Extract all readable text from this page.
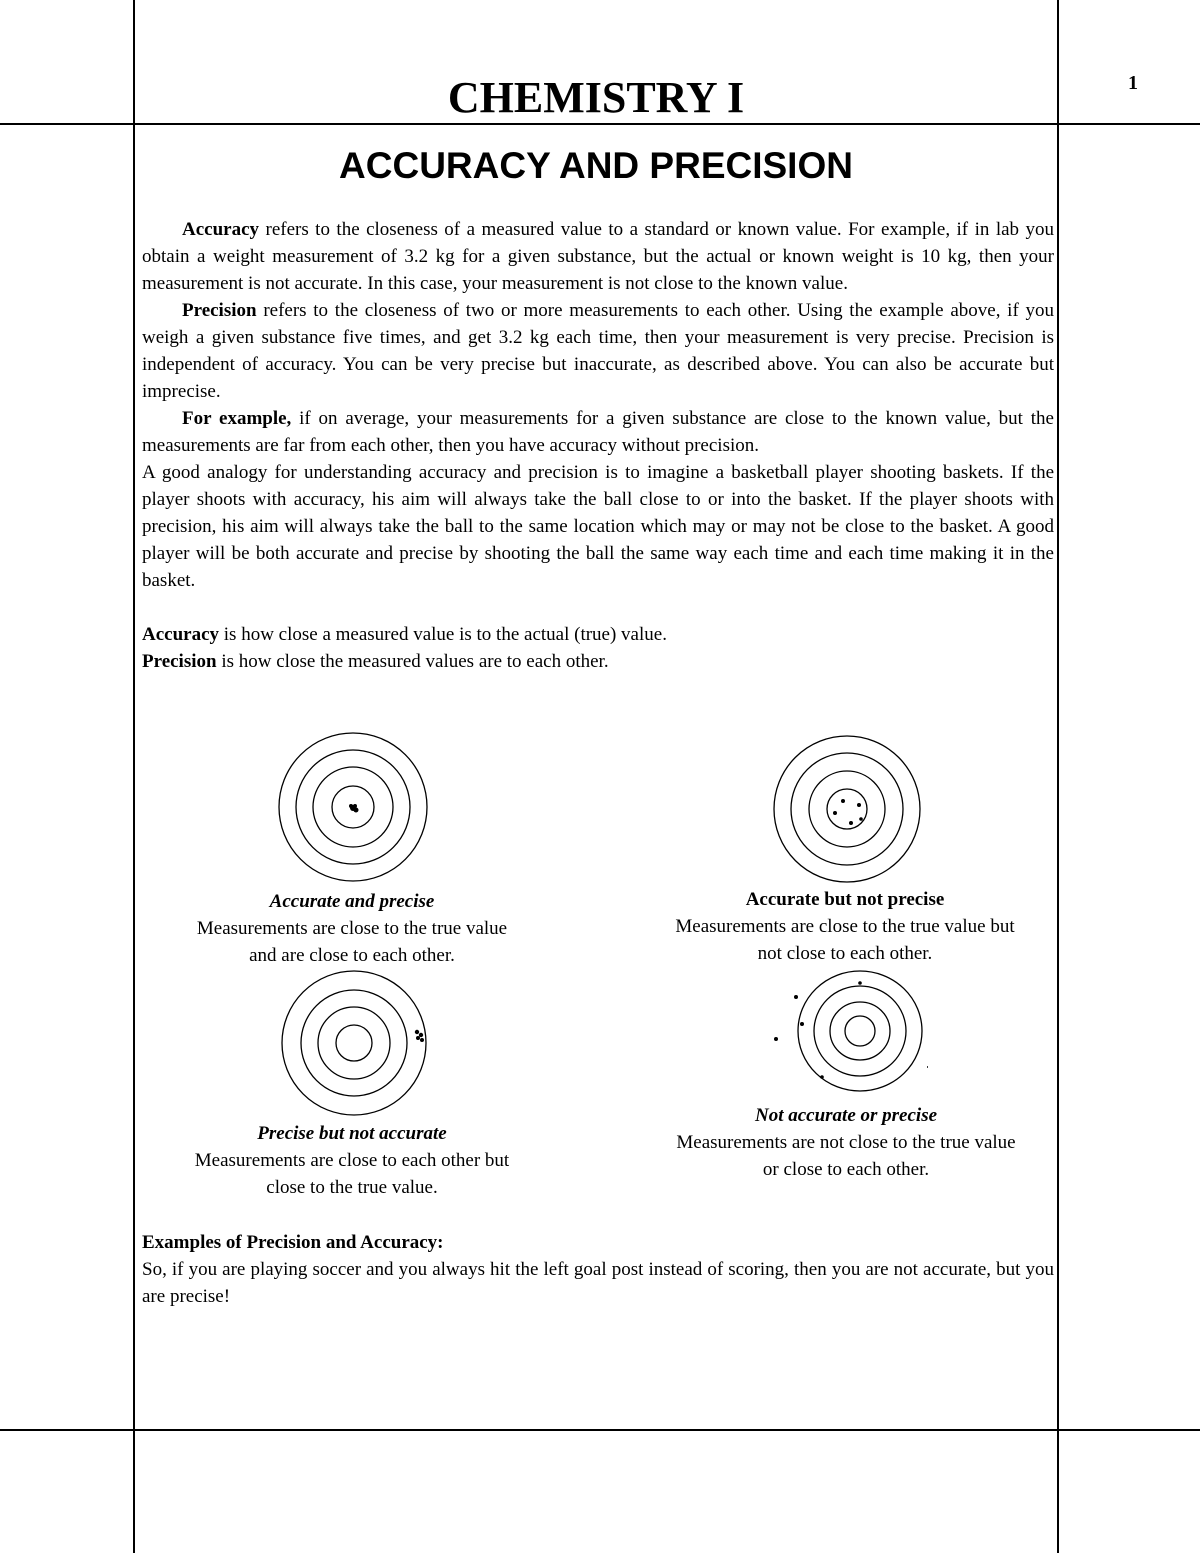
CHEMISTRY I	1
ACCURACY AND PRECISION

Accuracy refers to the closeness of a measured value to a standard or known value. For example, if in lab you obtain a weight measurement of 3.2 kg for a given substance, but the actual or known weight is 10 kg, then your measurement is not accurate. In this case, your measurement is not close to the known value.

Precision refers to the closeness of two or more measurements to each other. Using the example above, if you weigh a given substance five times, and get 3.2 kg each time, then your measurement is very precise. Precision is independent of accuracy. You can be very precise but inaccurate, as described above. You can also be accurate but imprecise.

For example, if on average, your measurements for a given substance are close to the known value, but the measurements are far from each other, then you have accuracy without precision.

A good analogy for understanding accuracy and precision is to imagine a basketball player shooting baskets. If the player shoots with accuracy, his aim will always take the ball close to or into the basket. If the player shoots with precision, his aim will always take the ball to the same location which may or may not be close to the basket. A good player will be both accurate and precise by shooting the ball the same way each time and each time making it in the basket.

Accuracy is how close a measured value is to the actual (true) value.
Precision is how close the measured values are to each other.
Accurate and precise
Measurements are close to the true value
and are close to each other.
Accurate but not precise
Measurements are close to the true value but
not close to each other.
Precise but not accurate
Measurements are close to each other but
close to the true value.
Not accurate or precise
Measurements are not close to the true value
or close to each other.
Examples of Precision and Accuracy:
So, if you are playing soccer and you always hit the left goal post instead of scoring, then you are not accurate, but you are precise!
